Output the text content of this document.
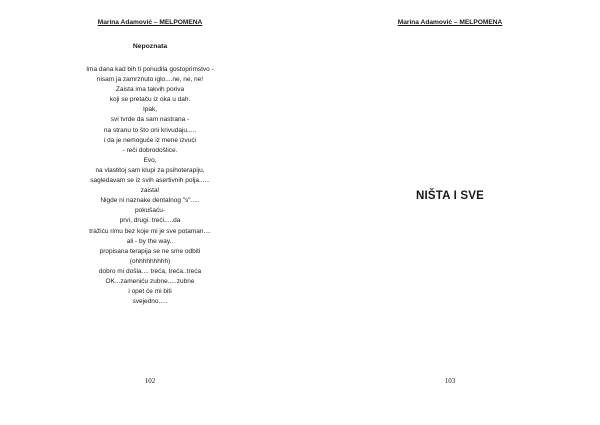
Marina Adamović – MELPOMENA
Nepoznata
Ima dana kad bih ti ponudila gostoprimstvo -
nisam ja zamrznuto iglo....ne, ne, ne!
Zaista ima takvih poriva
koji se pretaču iz oka u dah.
Ipak,
svi tvrde da sam nastrana -
na stranu to što oni krivudaju.....
i da je nemoguće iz mene izvući
- reči dobrodošlice.
Evo,
na vlastitoj sam klupi za psihoterapiju,
sagledavam se iz svih asertivnih polja......
zaista!
Nigde ni naznake dentalnog "s".....
pokušaću-
prvi, drugi. treći.....da
tražiću rimu bez koje mi je sve potaman....
ali - by the way..
propisana terapija se ne sme odbiti
(ohhhhhhhhh)
dobro mi došla.... treća, treća..treća
OK...zameniću zubne.....zubne
i opet će mi biti
svejedno.....
102
Marina Adamović – MELPOMENA
NIŠTA I SVE
103
